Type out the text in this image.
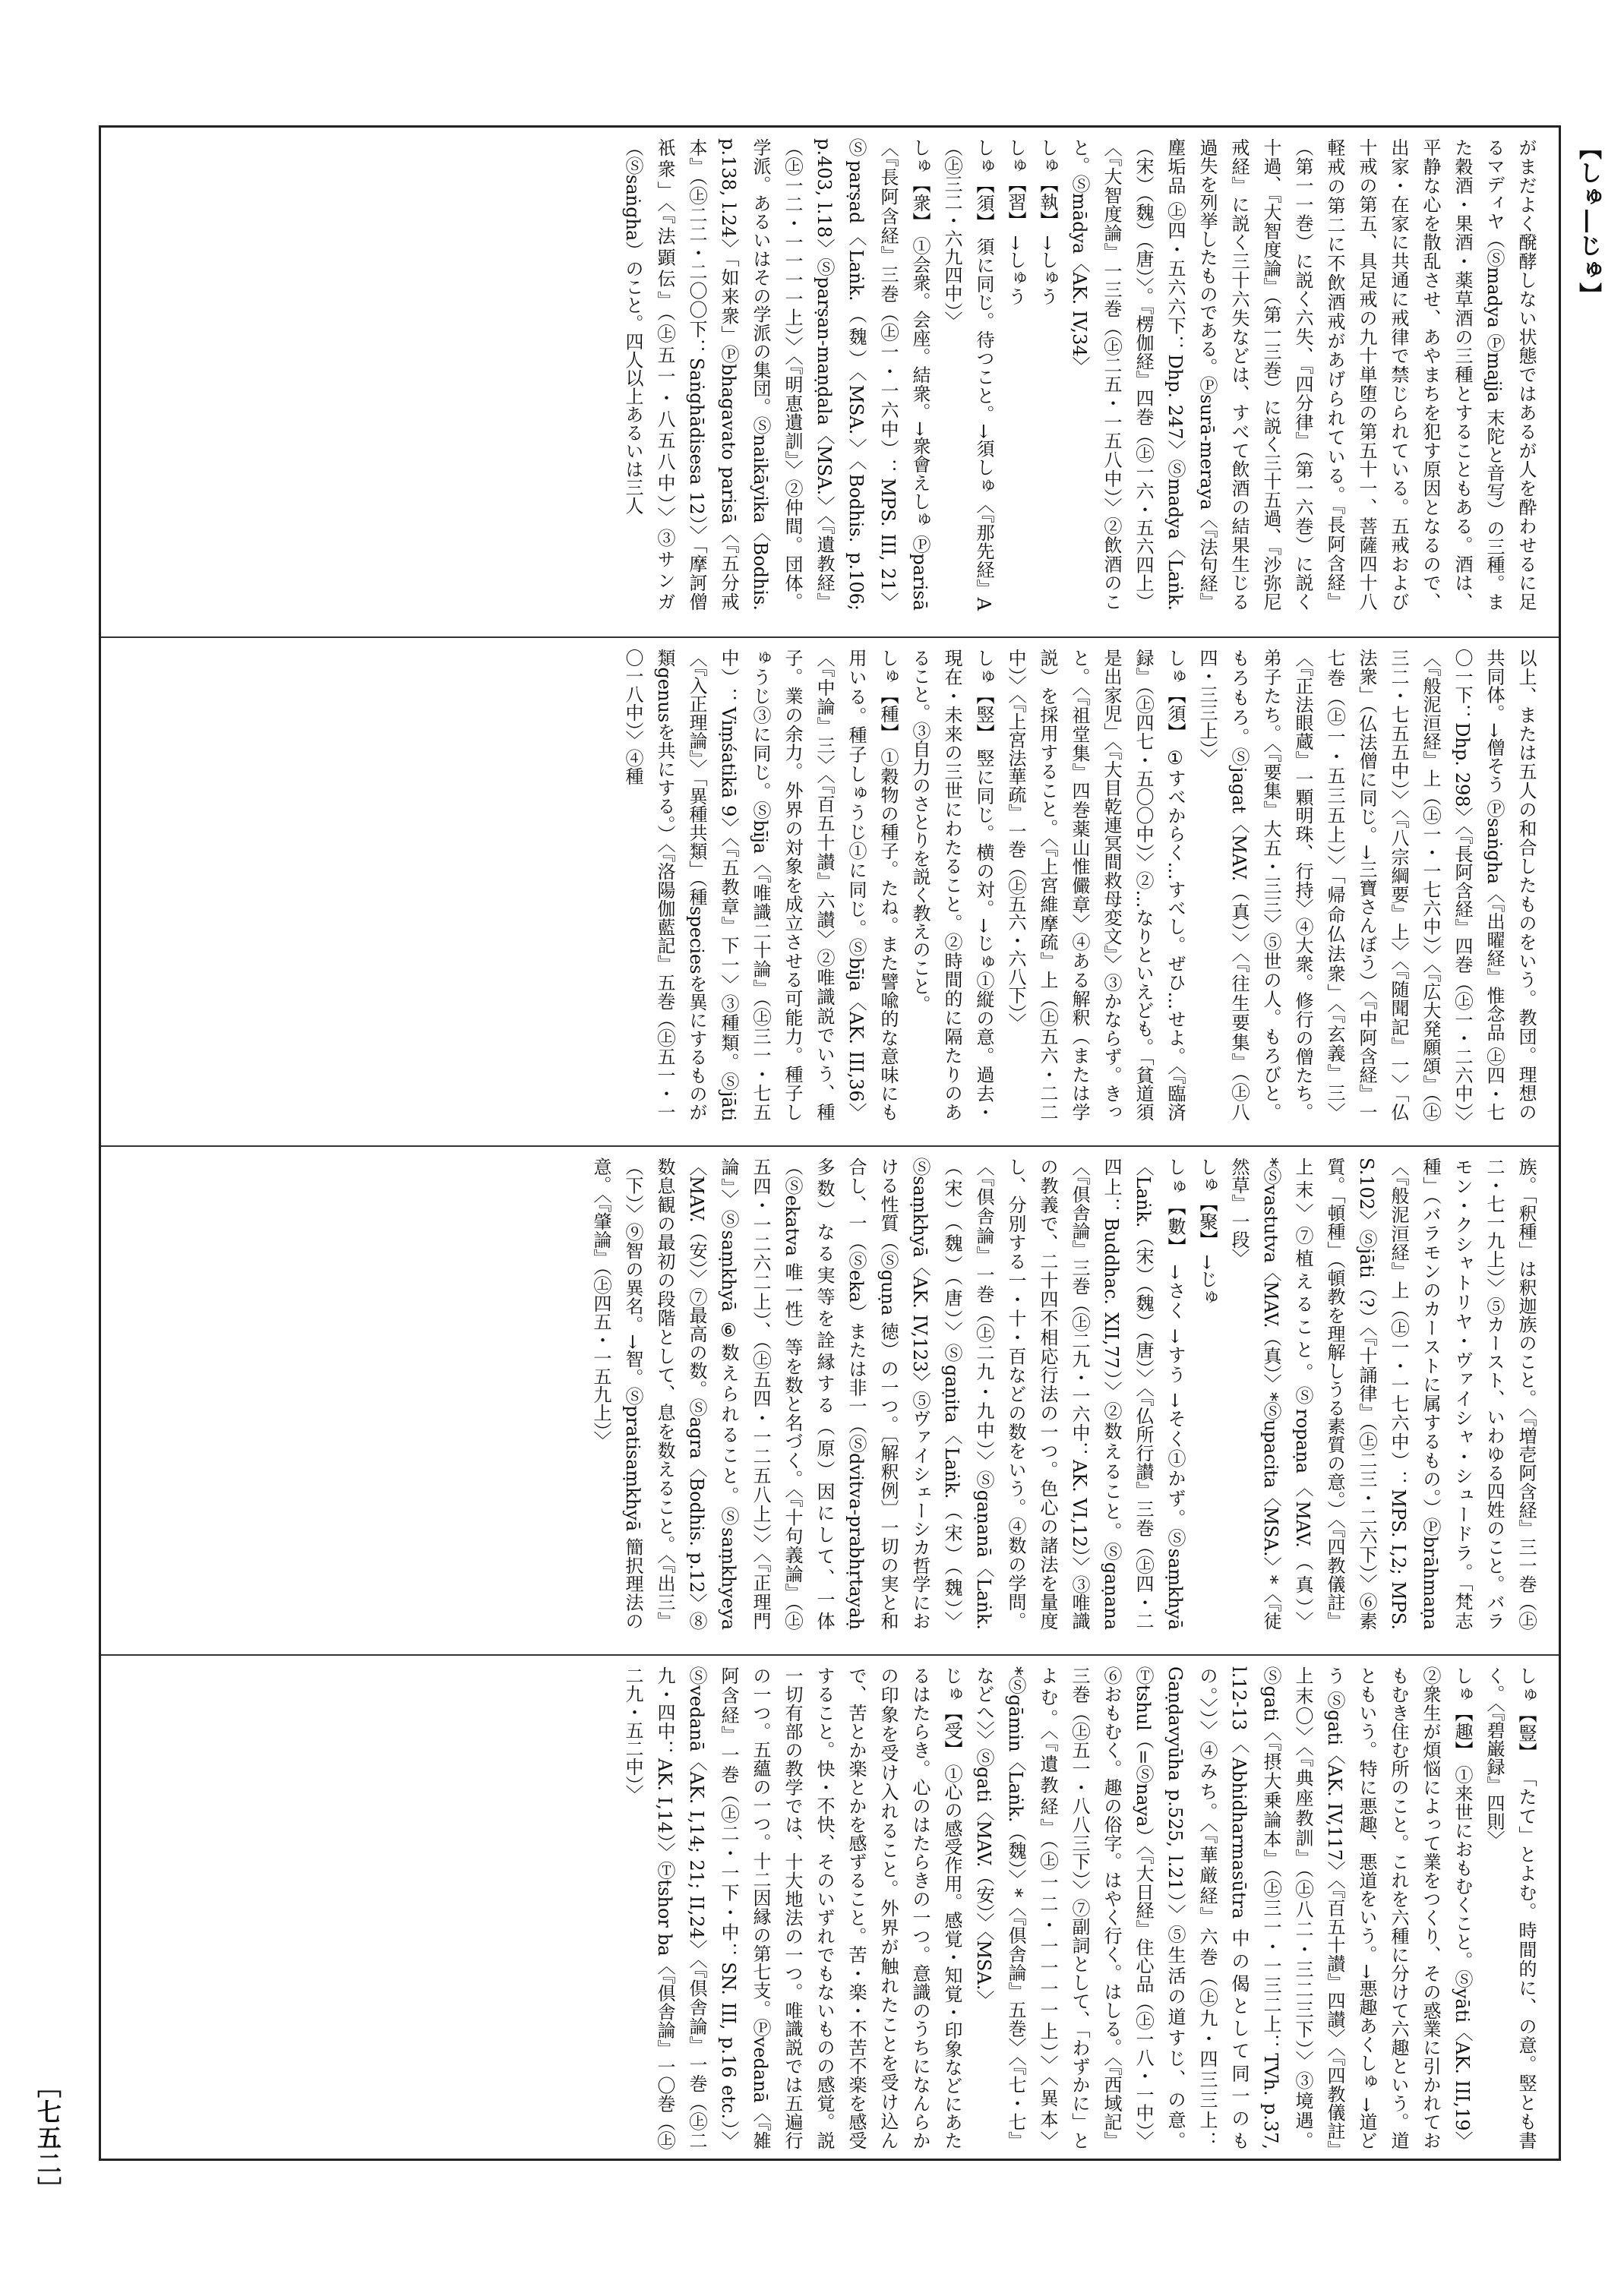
【しゅ―じゅ】
［七五二］

がまだよく醗酵しない状態ではあるが人を酔わせるに足るマディヤ（Ⓢmadya Ⓟmajja 末陀と音写）の三種。また穀酒・果酒・薬草酒の三種とすることもある。酒は、平静な心を散乱させ、あやまちを犯す原因となるので、出家・在家に共通に戒律で禁じられている。五戒および十戒の第五、具足戒の九十単堕の第五十一、菩薩四十八軽戒の第二に不飲酒戒があげられている。『長阿含経』（第一一巻）に説く六失、『四分律』（第一六巻）に説く十過、『大智度論』（第一三巻）に説く三十五過、『沙弥尼戒経』に説く三十六失などは、すべて飲酒の結果生じる過失を列挙したものである。Ⓟsurā-meraya〈『法句経』塵垢品 ㊤四・五六六下：Dhp. 247〉Ⓢmadya〈Laṅk.（宋）（魏）（唐）〉。『楞伽経』四巻（㊤一六・五六四上）〈『大智度論』一三巻（㊤二五・一五八中）〉②飲酒のこと。Ⓢmādya〈AK. IV,34〉

しゅ【執】 →しゅう

しゅ【習】 →しゅう

しゅ【須】 須に同じ。待つこと。→須しゅ〈『那先経』A（㊤三二・六九四中）〉

しゅ【衆】 ①会衆。会座。結衆。→衆會えしゅ Ⓟparisā〈『長阿含経』三巻（㊤一・一六中）：MPS. III, 21〉Ⓢparṣad〈Laṅk.（魏）〈MSA.〉〈Bodhis. p.106; p.403, l.18〉Ⓢparṣan-maṇḍala〈MSA.〉〈『遺教経』（㊤一二・一一一一上）〉〈『明恵遺訓』〉②仲間。団体。学派。あるいはその学派の集団。Ⓢnaikāyika〈Bodhis. p.138, l.24〉「如来衆」Ⓟbhagavato parisā〈『五分戒本』（㊤二二・二〇〇下：Saṅghādisesa 12）〉「摩訶僧祇衆」〈『法顕伝』（㊤五一・八五八中）〉③サンガ（Ⓢsaṅgha）のこと。四人以上あるいは三人

以上、または五人の和合したものをいう。教団。理想の共同体。→僧そう Ⓟsaṅgha〈『出曜経』惟念品 ㊤四・七〇一下：Dhp. 298〉〈『長阿含経』四巻（㊤一・二六中）〉〈『般泥洹経』上（㊤一・一七六中）〉〈『広大発願頌』（㊤三二・七五五中）〉〈『八宗綱要』上〉〈『随聞記』一〉「仏法衆」（仏法僧に同じ。→三寶さんぼう）〈『中阿含経』一七巻（㊤一・五三五上）〉「帰命仏法衆」〈『玄義』三〉〈『正法眼蔵』一顆明珠、行持〉④大衆。修行の僧たち。弟子たち。〈『要集』大五・三三〉⑤世の人。もろびと。もろもろ。Ⓢjagat〈MAV.（真）〉〈『往生要集』（㊤八四・三三上）〉

しゅ【須】 ①すべからく…すべし。ぜひ…せよ。〈『臨済録』（㊤四七・五〇〇中）〉②…なりといえども。「貧道須是出家児」〈『大目乾連冥間救母変文』〉③かならず。きっと。〈『祖堂集』四巻薬山惟儼章〉④ある解釈（または学説）を採用すること。〈『上宮維摩疏』上（㊤五六・二二中）〉〈『上宮法華疏』一巻（㊤五六・六八下）〉

しゅ【竪】 竪に同じ。横の対。→じゅ①縦の意。過去・現在・未来の三世にわたること。②時間的に隔たりのあること。③自力のさとりを説く教えのこと。

しゅ【種】 ①穀物の種子。たね。また譬喩的な意味にも用いる。種子しゅうじ①に同じ。Ⓢbīja〈AK. III,36〉〈『中論』三〉〈『百五十讃』六讃〉②唯識説でいう、種子。業の余力。外界の対象を成立させる可能力。種子しゅうじ③に同じ。Ⓢbīja〈『唯識二十論』（㊤三一・七五中）：Viṃśatikā 9〉〈『五教章』下一〉③種類。Ⓢjāti〈『入正理論』〉「異種共類」（種speciesを異にするものが類genusを共にする。）〈『洛陽伽藍記』五巻（㊤五一・一〇一八中）〉④種

族。「釈種」は釈迦族のこと。〈『増壱阿含経』三一巻（㊤二・七一九上）〉⑤カースト、いわゆる四姓のこと。バラモン・クシャトリヤ・ヴァイシャ・シュードラ。「梵志種」（バラモンのカーストに属するもの。）Ⓟbrāhmaṇa〈『般泥洹経』上（㊤一・一七六中）：MPS. I,2; MPS. S.102〉Ⓢjāti（?）〈『十誦律』（㊤二三・二六下）〉⑥素質。「頓種」（頓教を理解しうる素質の意。）〈『四教儀註』上末〉⑦植えること。Ⓢropaṇa〈MAV.（真）〉*Ⓢvastutva〈MAV.（真）〉*Ⓢupacita〈MSA.〉*〈『徒然草』一段〉

しゅ【聚】 →じゅ

しゅ【數】 →さく →すう →そく①かず。Ⓢsaṃkhyā〈Laṅk.（宋）（魏）（唐）〉〈『仏所行讃』三巻（㊤四・二四上：Buddhac. XII,77）〉②数えること。Ⓢgaṇana〈『倶舎論』三巻（㊤二九・一六中：AK. VI,12）〉③唯識の教義で、二十四不相応行法の一つ。色心の諸法を量度し、分別する一・十・百などの数をいう。④数の学問。〈『倶舎論』一巻（㊤二九・九中）〉Ⓢgaṇanā〈Laṅk.（宋）（魏）（唐）〉Ⓢgaṇita〈Laṅk.（宋）（魏）〉Ⓢsaṃkhyā〈AK. IV,123〉⑤ヴァイシェーシカ哲学における性質（Ⓢguṇa 徳）の一つ。〔解釈例〕一切の実と和合し、一（Ⓢeka）または非一（Ⓢdvitva-prabhṛtayaḥ 多数）なる実等を詮縁する（原）因にして、一体（Ⓢekatva 唯一性）等を数と名づく。〈『十句義論』（㊤五四・一二六二上）、（㊤五四・一二五八上）〉〈『正理門論』〉Ⓢsaṃkhyā ⑥数えられること。Ⓢsaṃkhyeya〈MAV.（安）〉⑦最高の数。Ⓢagra〈Bodhis. p.12〉⑧数息観の最初の段階として、息を数えること。〈『出三』（下）〉⑨智の異名。→智。Ⓢpratisaṃkhyā 簡択理法の意。〈『肇論』（㊤四五・一五九上）〉

しゅ【豎】 「たて」とよむ。時間的に、の意。竪とも書く。〈『碧巌録』四則〉

しゅ【趣】 ①来世におもむくこと。Ⓢyāti〈AK. III,19〉②衆生が煩悩によって業をつくり、その惑業に引かれておもむき住む所のこと。これを六種に分けて六趣という。道ともいう。特に悪趣、悪道をいう。→悪趣あくしゅ →道どう Ⓢgati〈AK. IV,117〉〈『百五十讃』四讃〉〈『四教儀註』上末〇〉〈『典座教訓』（㊤八二・三二三下）〉③境遇。Ⓢgati〈『摂大乗論本』（㊤三一・一三二上：TVh. p.37, l.12-13〈Abhidharmasūtra 中の偈として同一のもの。〉）〉④みち。〈『華厳経』六巻（㊤九・四三三上：Gaṇḍavyūha p.525, l.21）〉⑤生活の道すじ、の意。Ⓣtshul（=Ⓢnaya）〈『大日経』住心品（㊤一八・一中）〉⑥おもむく。趣の俗字。はやく行く。はしる。〈『西域記』三巻（㊤五一・八八三下）〉⑦副詞として、「わずかに」とよむ。〈『遺教経』（㊤一二・一一一一上）〉〈異本〉*Ⓢgāmin〈Laṅk.（魏）〉*〈『倶舎論』五巻〉〈『七・七』などへ〉〉Ⓢgati〈MAV.（安）〉〈MSA.〉

じゅ【受】 ①心の感受作用。感覚・知覚・印象などにあたるはたらき。心のはたらきの一つ。意識のうちになんらかの印象を受け入れること。外界が触れたことを受け込んで、苦とか楽とかを感ずること。苦・楽・不苦不楽を感受すること。快・不快、そのいずれでもないものの感覚。説一切有部の教学では、十大地法の一つ。唯識説では五遍行の一つ。五蘊の一つ。十二因縁の第七支。Ⓟvedanā〈『雑阿含経』一巻（㊤二・一下・中：SN. III, p.16 etc.）〉Ⓢvedanā〈AK. I,14; 21; II,24〉〈『倶舎論』一巻（㊤二九・四中：AK. I,14）〉Ⓣtshor ba〈『倶舎論』一〇巻（㊤二九・五二中）〉
